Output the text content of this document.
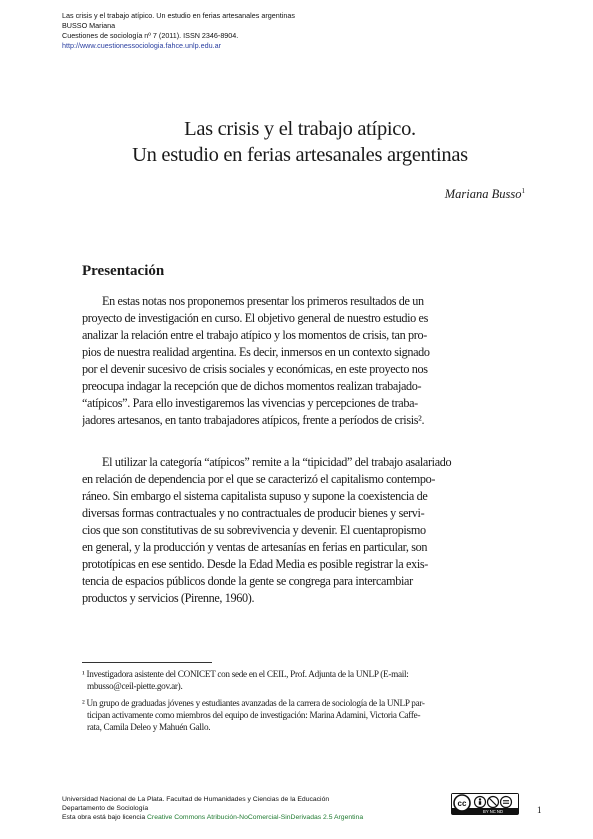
Las crisis y el trabajo atípico. Un estudio en ferias artesanales argentinas
BUSSO Mariana
Cuestiones de sociología nº 7 (2011). ISSN 2346-8904.
http://www.cuestionessociologia.fahce.unlp.edu.ar
Las crisis y el trabajo atípico.
Un estudio en ferias artesanales argentinas
Mariana Busso$^1$
Presentación
En estas notas nos proponemos presentar los primeros resultados de un
proyecto de investigación en curso. El objetivo general de nuestro estudio es
analizar la relación entre el trabajo atípico y los momentos de crisis, tan pro-
pios de nuestra realidad argentina. Es decir, inmersos en un contexto signado
por el devenir sucesivo de crisis sociales y económicas, en este proyecto nos
preocupa indagar la recepción que de dichos momentos realizan trabajado-
“atípicos”. Para ello investigaremos las vivencias y percepciones de traba-
jadores artesanos, en tanto trabajadores atípicos, frente a períodos de crisis².
El utilizar la categoría “atípicos” remite a la “tipicidad” del trabajo asalariado
en relación de dependencia por el que se caracterizó el capitalismo contempo-
ráneo. Sin embargo el sistema capitalista supuso y supone la coexistencia de
diversas formas contractuales y no contractuales de producir bienes y servi-
cios que son constitutivas de su sobrevivencia y devenir. El cuentapropismo
en general, y la producción y ventas de artesanías en ferias en particular, son
prototípicas en ese sentido. Desde la Edad Media es posible registrar la exis-
tencia de espacios públicos donde la gente se congrega para intercambiar
productos y servicios (Pirenne, 1960).
¹ Investigadora asistente del CONICET con sede en el CEIL, Prof. Adjunta de la UNLP (E-mail:
mbusso@ceil-piette.gov.ar).
² Un grupo de graduadas jóvenes y estudiantes avanzadas de la carrera de sociología de la UNLP par-
ticipan activamente como miembros del equipo de investigación: Marina Adamini, Victoria Caffe-
rata, Camila Deleo y Mahuén Gallo.
Universidad Nacional de La Plata. Facultad de Humanidades y Ciencias de la Educación
Departamento de Sociología
Esta obra está bajo licencia Creative Commons Atribución-NoComercial-SinDerivadas 2.5 Argentina
cc
BY NC ND	1
